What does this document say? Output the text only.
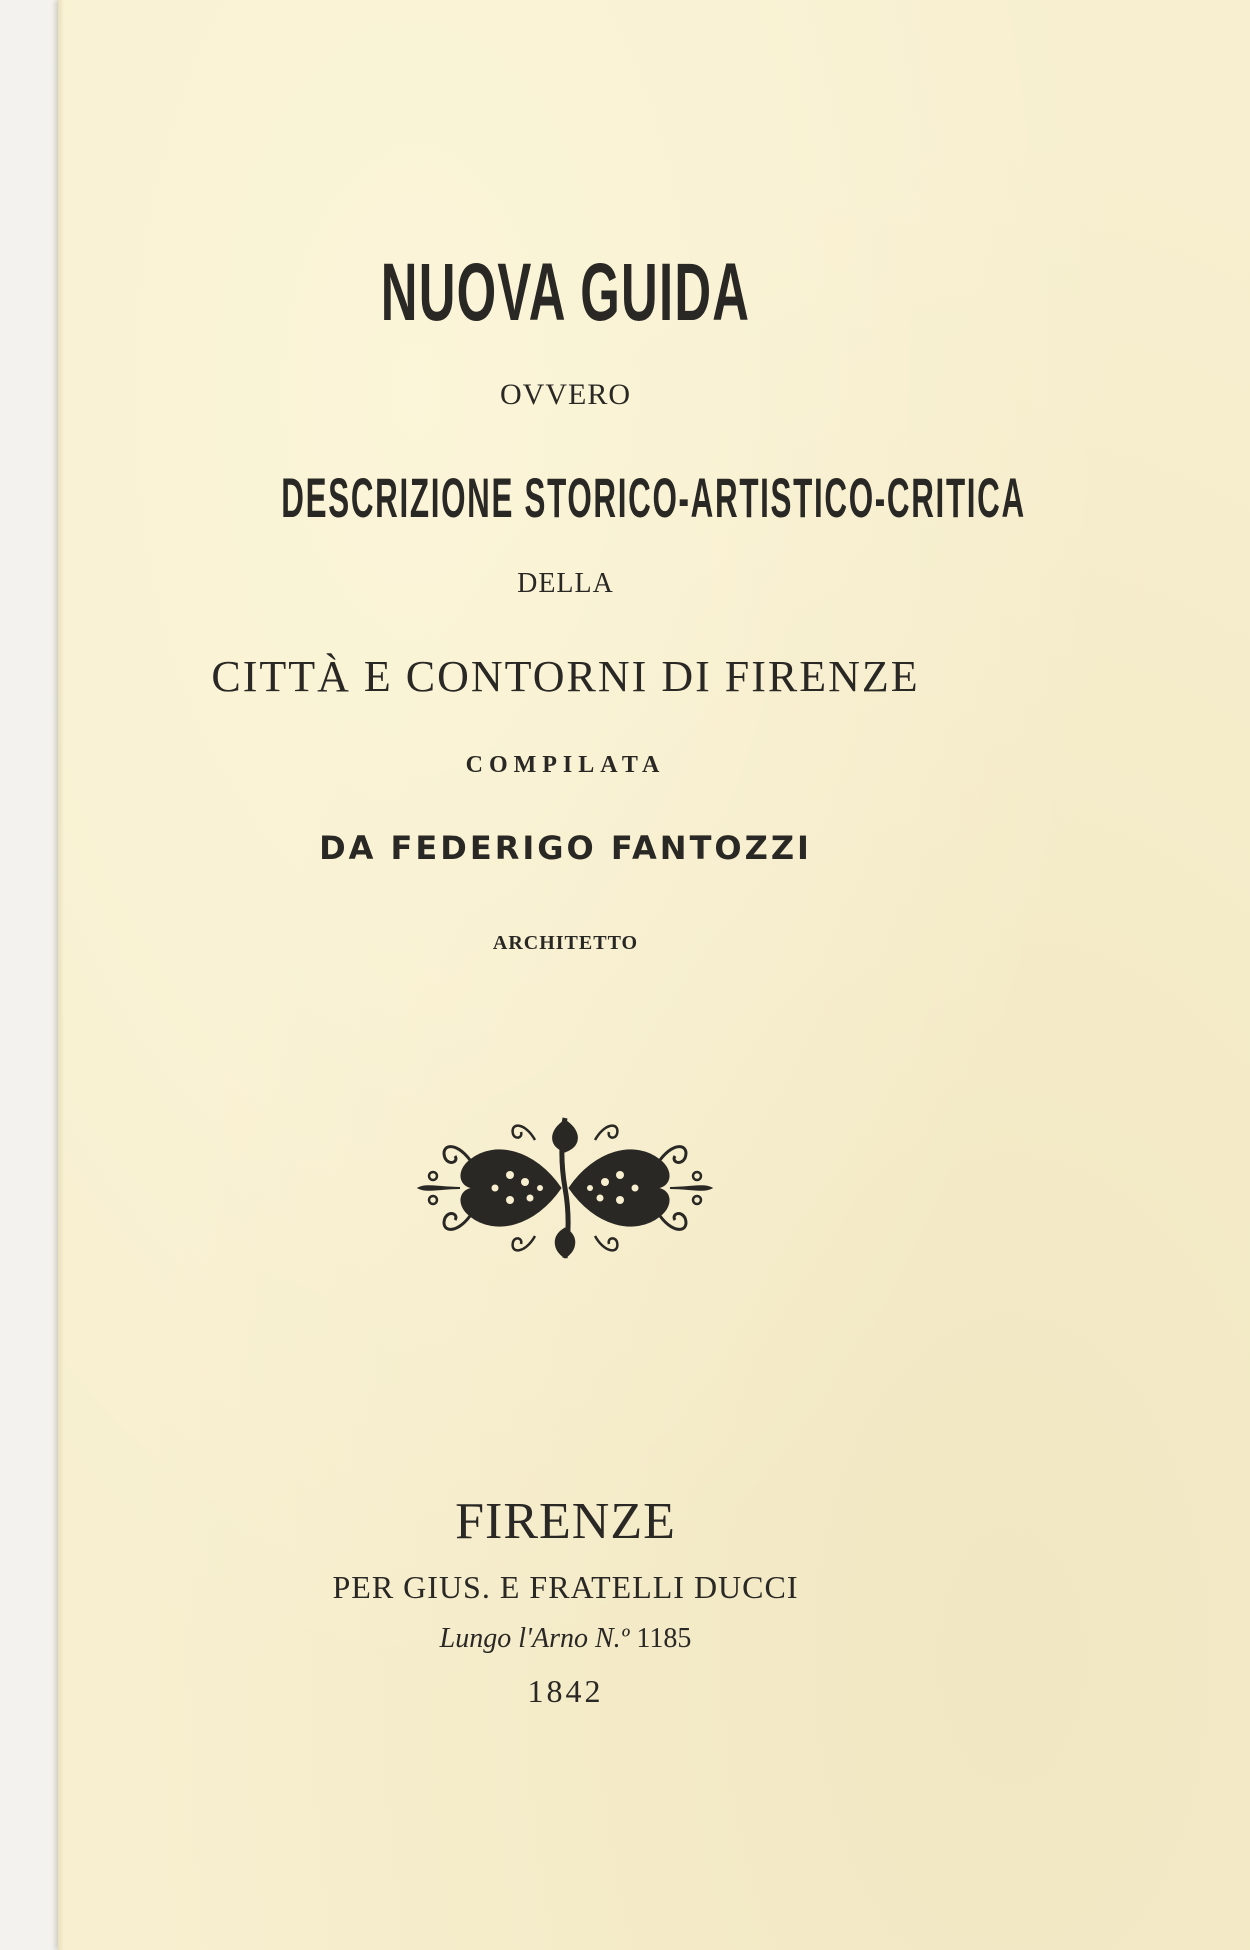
NUOVA GUIDA
OVVERO
DESCRIZIONE STORICO-ARTISTICO-CRITICA
DELLA
CITTÀ E CONTORNI DI FIRENZE
COMPILATA
DA FEDERIGO FANTOZZI
ARCHITETTO
FIRENZE
PER GIUS. E FRATELLI DUCCI
Lungo l'Arno N.º 1185
1842
